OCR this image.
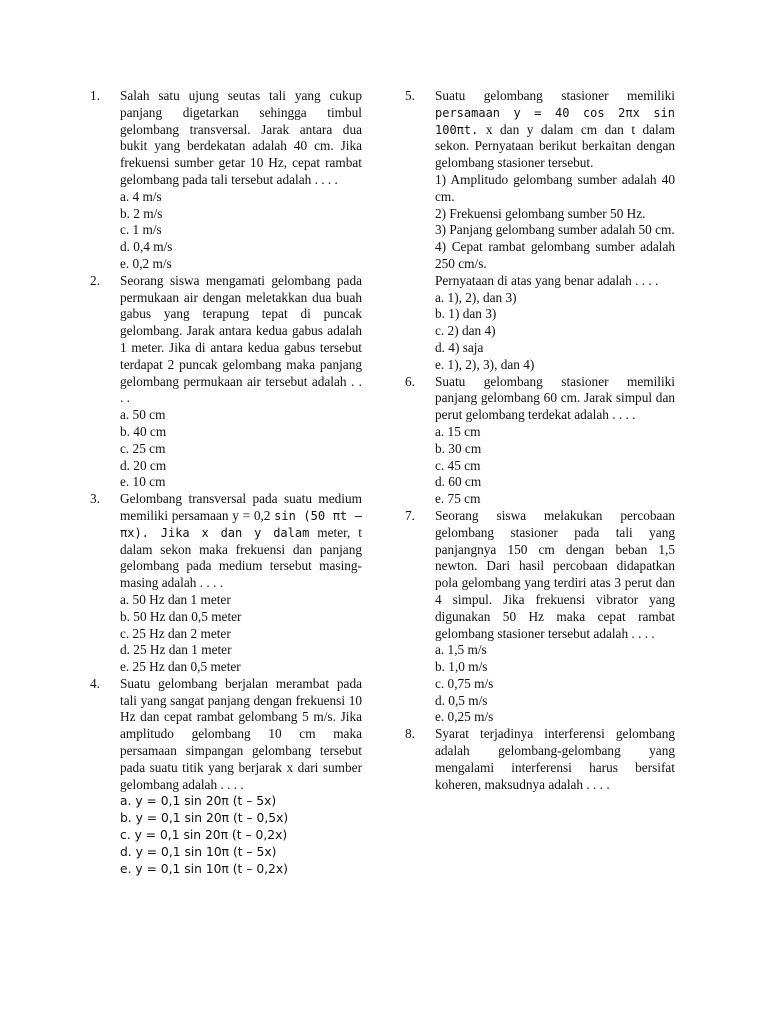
1.	Salah satu ujung seutas tali yang cukup panjang digetarkan sehingga timbul gelombang transversal. Jarak antara dua bukit yang berdekatan adalah 40 cm. Jika frekuensi sumber getar 10 Hz, cepat rambat gelombang pada tali tersebut adalah . . . .
a. 4 m/s
b. 2 m/s
c. 1 m/s
d. 0,4 m/s
e. 0,2 m/s
2.	Seorang siswa mengamati gelombang pada permukaan air dengan meletakkan dua buah gabus yang terapung tepat di puncak gelombang. Jarak antara kedua gabus adalah 1 meter. Jika di antara kedua gabus tersebut terdapat 2 puncak gelombang maka panjang gelombang permukaan air tersebut adalah . . . .
a. 50 cm
b. 40 cm
c. 25 cm
d. 20 cm
e. 10 cm
3.	Gelombang transversal pada suatu medium memiliki persamaan y = 0,2 sin (50 πt – πx). Jika x dan y dalam meter, t dalam sekon maka frekuensi dan panjang gelombang pada medium tersebut masing-masing adalah . . . .
a. 50 Hz dan 1 meter
b. 50 Hz dan 0,5 meter
c. 25 Hz dan 2 meter
d. 25 Hz dan 1 meter
e. 25 Hz dan 0,5 meter
4.	Suatu gelombang berjalan merambat pada tali yang sangat panjang dengan frekuensi 10 Hz dan cepat rambat gelombang 5 m/s. Jika amplitudo gelombang 10 cm maka persamaan simpangan gelombang tersebut pada suatu titik yang berjarak x dari sumber gelombang adalah . . . .
a. y = 0,1 sin 20π (t – 5x)
b. y = 0,1 sin 20π (t – 0,5x)
c. y = 0,1 sin 20π (t – 0,2x)
d. y = 0,1 sin 10π (t – 5x)
e. y = 0,1 sin 10π (t – 0,2x)
5.	Suatu gelombang stasioner memiliki persamaan y = 40 cos 2πx sin 100πt. x dan y dalam cm dan t dalam sekon. Pernyataan berikut berkaitan dengan gelombang stasioner tersebut.
1) Amplitudo gelombang sumber adalah 40 cm.
2) Frekuensi gelombang sumber 50 Hz.
3) Panjang gelombang sumber adalah 50 cm.
4) Cepat rambat gelombang sumber adalah 250 cm/s.
Pernyataan di atas yang benar adalah . . . .
a. 1), 2), dan 3)
b. 1) dan 3)
c. 2) dan 4)
d. 4) saja
e. 1), 2), 3), dan 4)
6.	Suatu gelombang stasioner memiliki panjang gelombang 60 cm. Jarak simpul dan perut gelombang terdekat adalah . . . .
a. 15 cm
b. 30 cm
c. 45 cm
d. 60 cm
e. 75 cm
7.	Seorang siswa melakukan percobaan gelombang stasioner pada tali yang panjangnya 150 cm dengan beban 1,5 newton. Dari hasil percobaan didapatkan pola gelombang yang terdiri atas 3 perut dan 4 simpul. Jika frekuensi vibrator yang digunakan 50 Hz maka cepat rambat gelombang stasioner tersebut adalah . . . .
a. 1,5 m/s
b. 1,0 m/s
c. 0,75 m/s
d. 0,5 m/s
e. 0,25 m/s
8.	Syarat terjadinya interferensi gelombang adalah gelombang-gelombang yang mengalami interferensi harus bersifat koheren, maksudnya adalah . . . .
